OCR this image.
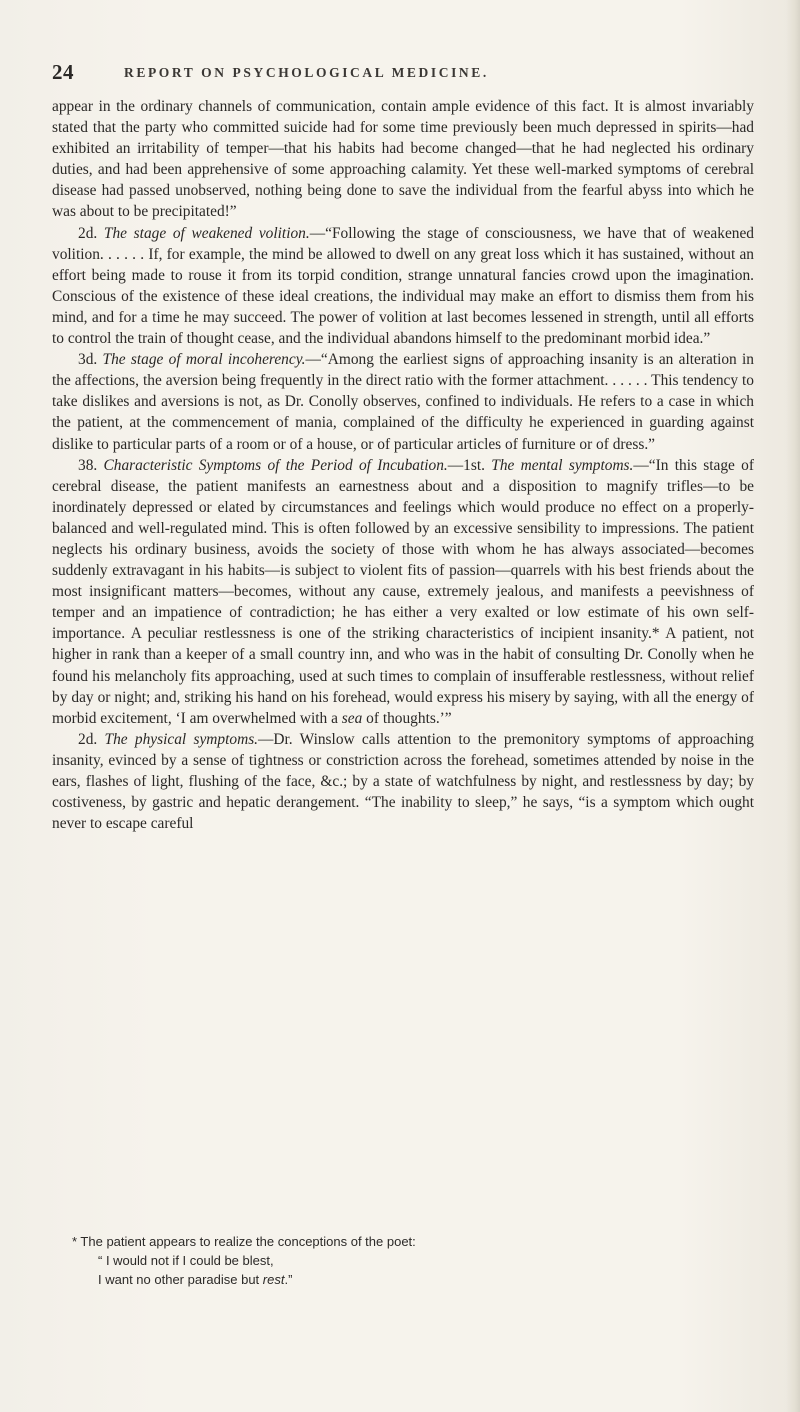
24	REPORT ON PSYCHOLOGICAL MEDICINE.

appear in the ordinary channels of communication, contain ample evidence of this fact. It is almost invariably stated that the party who committed suicide had for some time previously been much depressed in spirits—had exhibited an irritability of temper—that his habits had become changed—that he had neglected his ordinary duties, and had been apprehensive of some approaching calamity. Yet these well-marked symptoms of cerebral disease had passed unobserved, nothing being done to save the individual from the fearful abyss into which he was about to be precipitated!”

2d. The stage of weakened volition.—“Following the stage of consciousness, we have that of weakened volition. . . . . . If, for example, the mind be allowed to dwell on any great loss which it has sustained, without an effort being made to rouse it from its torpid condition, strange unnatural fancies crowd upon the imagination. Conscious of the existence of these ideal creations, the individual may make an effort to dismiss them from his mind, and for a time he may succeed. The power of volition at last becomes lessened in strength, until all efforts to control the train of thought cease, and the individual abandons himself to the predominant morbid idea.”

3d. The stage of moral incoherency.—“Among the earliest signs of approaching insanity is an alteration in the affections, the aversion being frequently in the direct ratio with the former attachment. . . . . . This tendency to take dislikes and aversions is not, as Dr. Conolly observes, confined to individuals. He refers to a case in which the patient, at the commencement of mania, complained of the difficulty he experienced in guarding against dislike to particular parts of a room or of a house, or of particular articles of furniture or of dress.”

38. Characteristic Symptoms of the Period of Incubation.—1st. The mental symptoms.—“In this stage of cerebral disease, the patient manifests an earnestness about and a disposition to magnify trifles—to be inordinately depressed or elated by circumstances and feelings which would produce no effect on a properly-balanced and well-regulated mind. This is often followed by an excessive sensibility to impressions. The patient neglects his ordinary business, avoids the society of those with whom he has always associated—becomes suddenly extravagant in his habits—is subject to violent fits of passion—quarrels with his best friends about the most insignificant matters—becomes, without any cause, extremely jealous, and manifests a peevishness of temper and an impatience of contradiction; he has either a very exalted or low estimate of his own self-importance. A peculiar restlessness is one of the striking characteristics of incipient insanity.* A patient, not higher in rank than a keeper of a small country inn, and who was in the habit of consulting Dr. Conolly when he found his melancholy fits approaching, used at such times to complain of insufferable restlessness, without relief by day or night; and, striking his hand on his forehead, would express his misery by saying, with all the energy of morbid excitement, ‘I am overwhelmed with a sea of thoughts.’”

2d. The physical symptoms.—Dr. Winslow calls attention to the premonitory symptoms of approaching insanity, evinced by a sense of tightness or constriction across the forehead, sometimes attended by noise in the ears, flashes of light, flushing of the face, &c.; by a state of watchfulness by night, and restlessness by day; by costiveness, by gastric and hepatic derangement. “The inability to sleep,” he says, “is a symptom which ought never to escape careful

* The patient appears to realize the conceptions of the poet:
“ I would not if I could be blest,
I want no other paradise but rest.”
